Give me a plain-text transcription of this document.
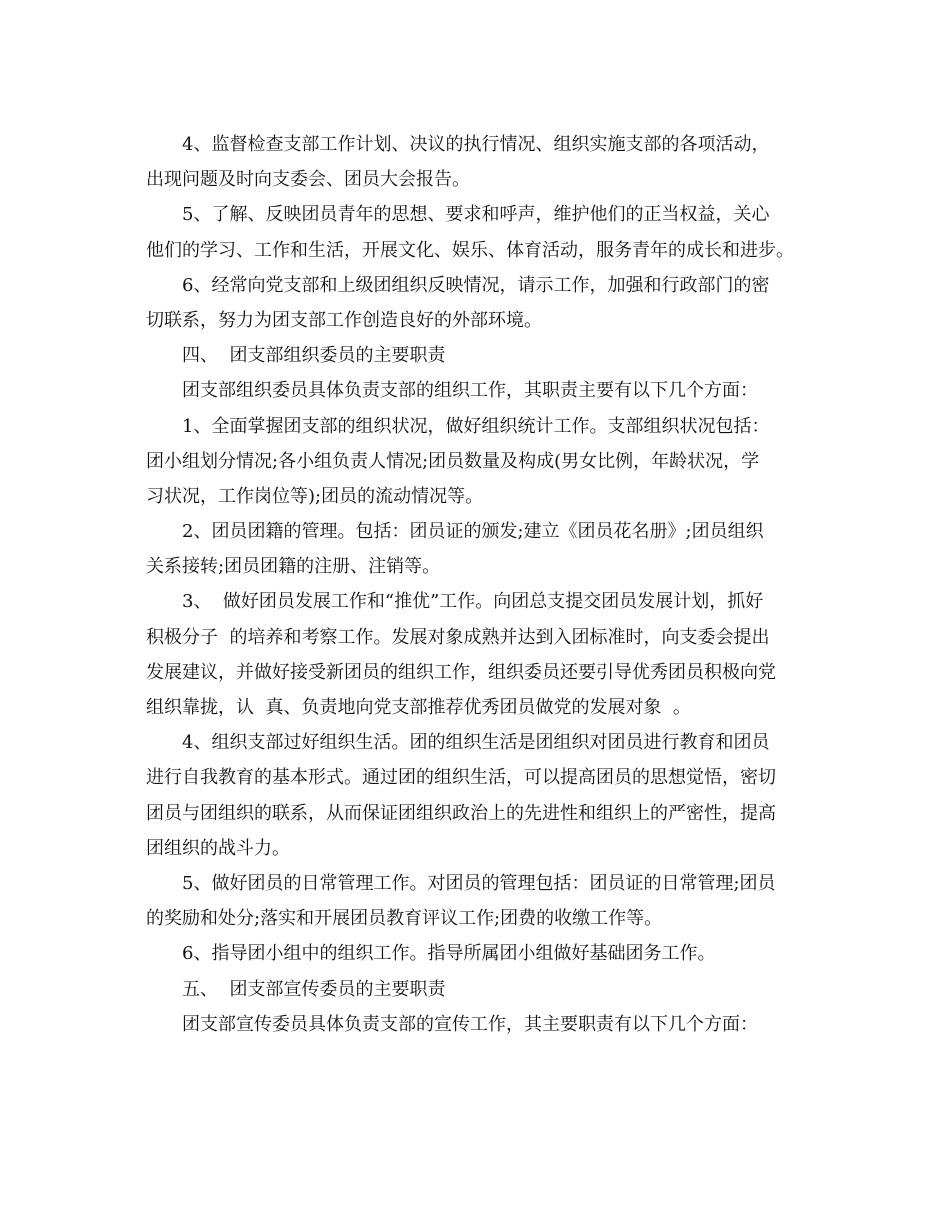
4、监督检查支部工作计划、决议的执行情况、组织实施支部的各项活动，
出现问题及时向支委会、团员大会报告。
5、了解、反映团员青年的思想、要求和呼声，维护他们的正当权益，关心
他们的学习、工作和生活，开展文化、娱乐、体育活动，服务青年的成长和进步。
6、经常向党支部和上级团组织反映情况，请示工作，加强和行政部门的密
切联系，努力为团支部工作创造良好的外部环境。
四、  团支部组织委员的主要职责
团支部组织委员具体负责支部的组织工作，其职责主要有以下几个方面：
1、全面掌握团支部的组织状况，做好组织统计工作。支部组织状况包括：
团小组划分情况;各小组负责人情况;团员数量及构成(男女比例，年龄状况，学
习状况，工作岗位等);团员的流动情况等。
2、团员团籍的管理。包括：团员证的颁发;建立《团员花名册》;团员组织
关系接转;团员团籍的注册、注销等。
3、  做好团员发展工作和“推优”工作。向团总支提交团员发展计划，抓好
积极分子  的培养和考察工作。发展对象成熟并达到入团标准时，向支委会提出
发展建议，并做好接受新团员的组织工作，组织委员还要引导优秀团员积极向党
组织靠拢，认  真、负责地向党支部推荐优秀团员做党的发展对象  。
4、组织支部过好组织生活。团的组织生活是团组织对团员进行教育和团员
进行自我教育的基本形式。通过团的组织生活，可以提高团员的思想觉悟，密切
团员与团组织的联系，从而保证团组织政治上的先进性和组织上的严密性，提高
团组织的战斗力。
5、做好团员的日常管理工作。对团员的管理包括：团员证的日常管理;团员
的奖励和处分;落实和开展团员教育评议工作;团费的收缴工作等。
6、指导团小组中的组织工作。指导所属团小组做好基础团务工作。
五、  团支部宣传委员的主要职责
团支部宣传委员具体负责支部的宣传工作，其主要职责有以下几个方面：
